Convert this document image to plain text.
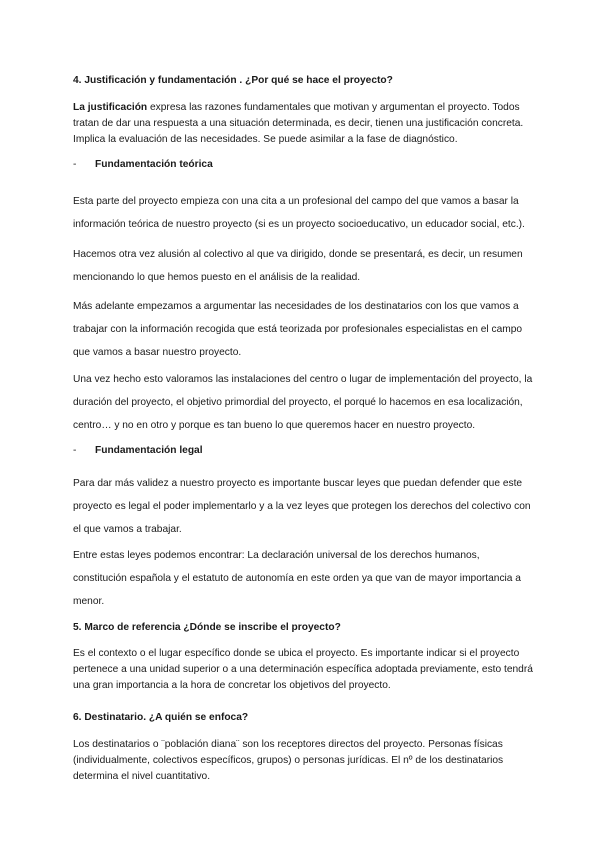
4. Justificación y fundamentación . ¿Por qué se hace el proyecto?

La justificación expresa las razones fundamentales que motivan y argumentan el proyecto. Todos tratan de dar una respuesta a una situación determinada, es decir, tienen una justificación concreta. Implica la evaluación de las necesidades. Se puede asimilar a la fase de diagnóstico.

- Fundamentación teórica

Esta parte del proyecto empieza con una cita a un profesional del campo del que vamos a basar la información teórica de nuestro proyecto (si es un proyecto socioeducativo, un educador social, etc.).

Hacemos otra vez alusión al colectivo al que va dirigido, donde se presentará, es decir, un resumen mencionando lo que hemos puesto en el análisis de la realidad.

Más adelante empezamos a argumentar las necesidades de los destinatarios con los que vamos a trabajar con la información recogida que está teorizada por profesionales especialistas en el campo que vamos a basar nuestro proyecto.

Una vez hecho esto valoramos las instalaciones del centro o lugar de implementación del proyecto, la duración del proyecto, el objetivo primordial del proyecto, el porqué lo hacemos en esa localización, centro… y no en otro y porque es tan bueno lo que queremos hacer en nuestro proyecto.

- Fundamentación legal

Para dar más validez a nuestro proyecto es importante buscar leyes que puedan defender que este proyecto es legal el poder implementarlo y a la vez leyes que protegen los derechos del colectivo con el que vamos a trabajar.

Entre estas leyes podemos encontrar: La declaración universal de los derechos humanos, constitución española y el estatuto de autonomía en este orden ya que van de mayor importancia a menor.

5. Marco de referencia ¿Dónde se inscribe el proyecto?

Es el contexto o el lugar específico donde se ubica el proyecto. Es importante indicar si el proyecto pertenece a una unidad superior o a una determinación específica adoptada previamente, esto tendrá una gran importancia a la hora de concretar los objetivos del proyecto.

6. Destinatario. ¿A quién se enfoca?

Los destinatarios o ¨población diana¨ son los receptores directos del proyecto. Personas físicas (individualmente, colectivos específicos, grupos) o personas jurídicas. El nº de los destinatarios determina el nivel cuantitativo.
